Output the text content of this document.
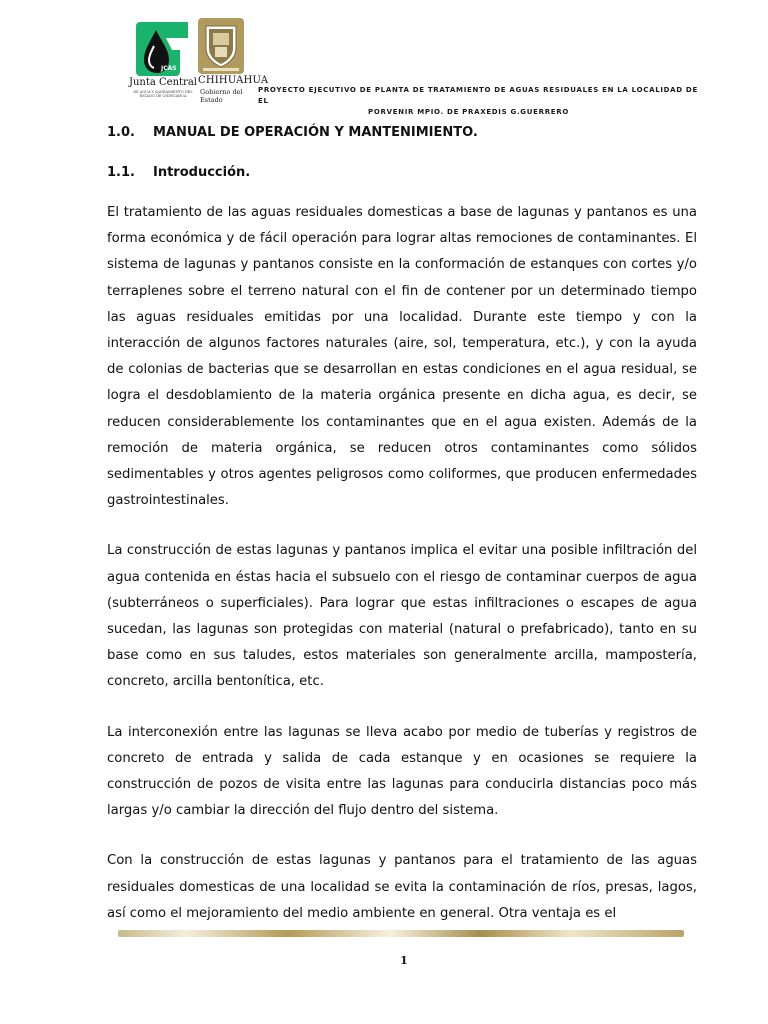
JCAS
Junta Central
DE AGUA Y SANEAMIENTO DEL ESTADO DE CHIHUAHUA
CHIHUAHUA
Gobierno del Estado
PROYECTO EJECUTIVO DE PLANTA DE TRATAMIENTO DE AGUAS RESIDUALES EN LA LOCALIDAD DE EL
PORVENIR MPIO. DE PRAXEDIS G.GUERRERO
1.0.	MANUAL DE OPERACIÓN Y MANTENIMIENTO.
1.1.	Introducción.

El tratamiento de las aguas residuales domesticas a base de lagunas y pantanos es una forma económica y de fácil operación para lograr altas remociones de contaminantes. El sistema de lagunas y pantanos consiste en la conformación de estanques con cortes y/o terraplenes sobre el terreno natural con el fin de contener por un determinado tiempo las aguas residuales emitidas por una localidad. Durante este tiempo y con la interacción de algunos factores naturales (aire, sol, temperatura, etc.), y con la ayuda de colonias de bacterias que se desarrollan en estas condiciones en el agua residual, se logra el desdoblamiento de la materia orgánica presente en dicha agua, es decir, se reducen considerablemente los contaminantes que en el agua existen. Además de la remoción de materia orgánica, se reducen otros contaminantes como sólidos sedimentables y otros agentes peligrosos como coliformes, que producen enfermedades gastrointestinales.

La construcción de estas lagunas y pantanos implica el evitar una posible infiltración del agua contenida en éstas hacia el subsuelo con el riesgo de contaminar cuerpos de agua (subterráneos o superficiales). Para lograr que estas infiltraciones o escapes de agua sucedan, las lagunas son protegidas con material (natural o prefabricado), tanto en su base como en sus taludes, estos materiales son generalmente arcilla, mampostería, concreto, arcilla bentonítica, etc.

La interconexión entre las lagunas se lleva acabo por medio de tuberías y registros de concreto de entrada y salida de cada estanque y en ocasiones se requiere la construcción de pozos de visita entre las lagunas para conducirla distancias poco más largas y/o cambiar la dirección del flujo dentro del sistema.

Con la construcción de estas lagunas y pantanos para el tratamiento de las aguas residuales domesticas de una localidad se evita la contaminación de ríos, presas, lagos, así como el mejoramiento del medio ambiente en general. Otra ventaja es el

1
